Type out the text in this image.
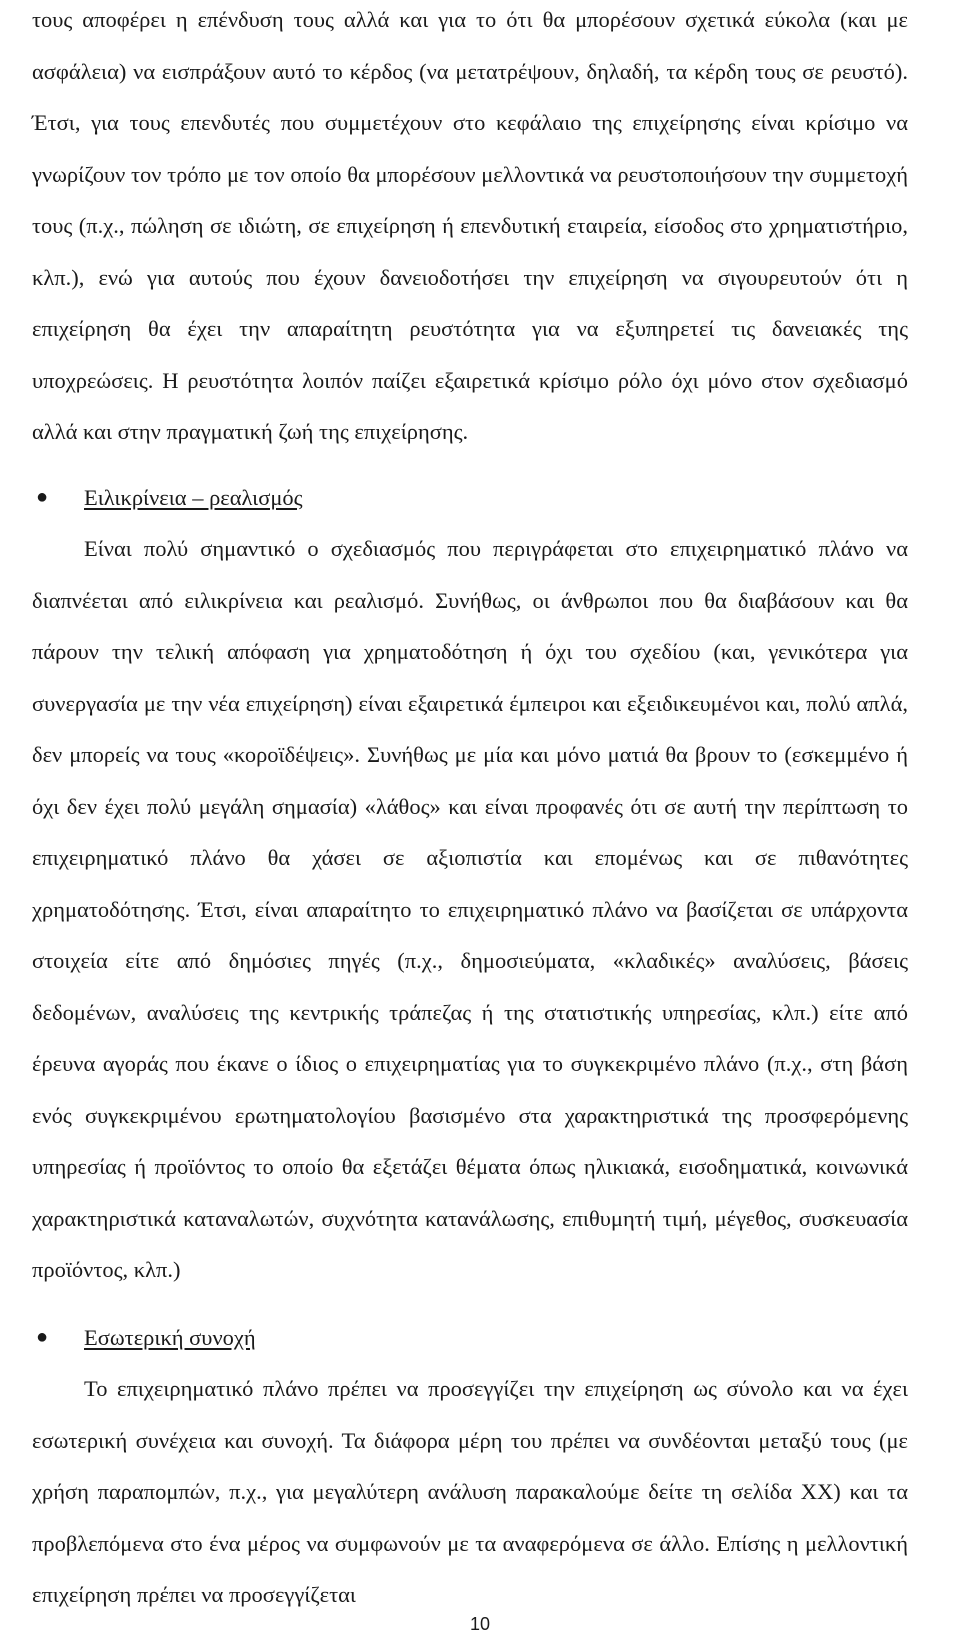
τους αποφέρει η επένδυση τους αλλά και για το ότι θα μπορέσουν σχετικά εύκολα (και με ασφάλεια) να εισπράξουν αυτό το κέρδος (να μετατρέψουν, δηλαδή, τα κέρδη τους σε ρευστό). Έτσι, για τους επενδυτές που συμμετέχουν στο κεφάλαιο της επιχείρησης είναι κρίσιμο να γνωρίζουν τον τρόπο με τον οποίο θα μπορέσουν μελλοντικά να ρευστοποιήσουν την συμμετοχή τους (π.χ., πώληση σε ιδιώτη, σε επιχείρηση ή επενδυτική εταιρεία, είσοδος στο χρηματιστήριο, κλπ.), ενώ για αυτούς που έχουν δανειοδοτήσει την επιχείρηση να σιγουρευτούν ότι η επιχείρηση θα έχει την απαραίτητη ρευστότητα για να εξυπηρετεί τις δανειακές της υποχρεώσεις. Η ρευστότητα λοιπόν παίζει εξαιρετικά κρίσιμο ρόλο όχι μόνο στον σχεδιασμό αλλά και στην πραγματική ζωή της επιχείρησης.

● Ειλικρίνεια – ρεαλισμός

Είναι πολύ σημαντικό ο σχεδιασμός που περιγράφεται στο επιχειρηματικό πλάνο να διαπνέεται από ειλικρίνεια και ρεαλισμό. Συνήθως, οι άνθρωποι που θα διαβάσουν και θα πάρουν την τελική απόφαση για χρηματοδότηση ή όχι του σχεδίου (και, γενικότερα για συνεργασία με την νέα επιχείρηση) είναι εξαιρετικά έμπειροι και εξειδικευμένοι και, πολύ απλά, δεν μπορείς να τους «κοροϊδέψεις». Συνήθως με μία και μόνο ματιά θα βρουν το (εσκεμμένο ή όχι δεν έχει πολύ μεγάλη σημασία) «λάθος» και είναι προφανές ότι σε αυτή την περίπτωση το επιχειρηματικό πλάνο θα χάσει σε αξιοπιστία και επομένως και σε πιθανότητες χρηματοδότησης. Έτσι, είναι απαραίτητο το επιχειρηματικό πλάνο να βασίζεται σε υπάρχοντα στοιχεία είτε από δημόσιες πηγές (π.χ., δημοσιεύματα, «κλαδικές» αναλύσεις, βάσεις δεδομένων, αναλύσεις της κεντρικής τράπεζας ή της στατιστικής υπηρεσίας, κλπ.) είτε από έρευνα αγοράς που έκανε ο ίδιος ο επιχειρηματίας για το συγκεκριμένο πλάνο (π.χ., στη βάση ενός συγκεκριμένου ερωτηματολογίου βασισμένο στα χαρακτηριστικά της προσφερόμενης υπηρεσίας ή προϊόντος το οποίο θα εξετάζει θέματα όπως ηλικιακά, εισοδηματικά, κοινωνικά χαρακτηριστικά καταναλωτών, συχνότητα κατανάλωσης, επιθυμητή τιμή, μέγεθος, συσκευασία προϊόντος, κλπ.)

● Εσωτερική συνοχή

Το επιχειρηματικό πλάνο πρέπει να προσεγγίζει την επιχείρηση ως σύνολο και να έχει εσωτερική συνέχεια και συνοχή. Τα διάφορα μέρη του πρέπει να συνδέονται μεταξύ τους (με χρήση παραπομπών, π.χ., για μεγαλύτερη ανάλυση παρακαλούμε δείτε τη σελίδα ΧΧ) και τα προβλεπόμενα στο ένα μέρος να συμφωνούν με τα αναφερόμενα σε άλλο. Επίσης η μελλοντική επιχείρηση πρέπει να προσεγγίζεται

10
